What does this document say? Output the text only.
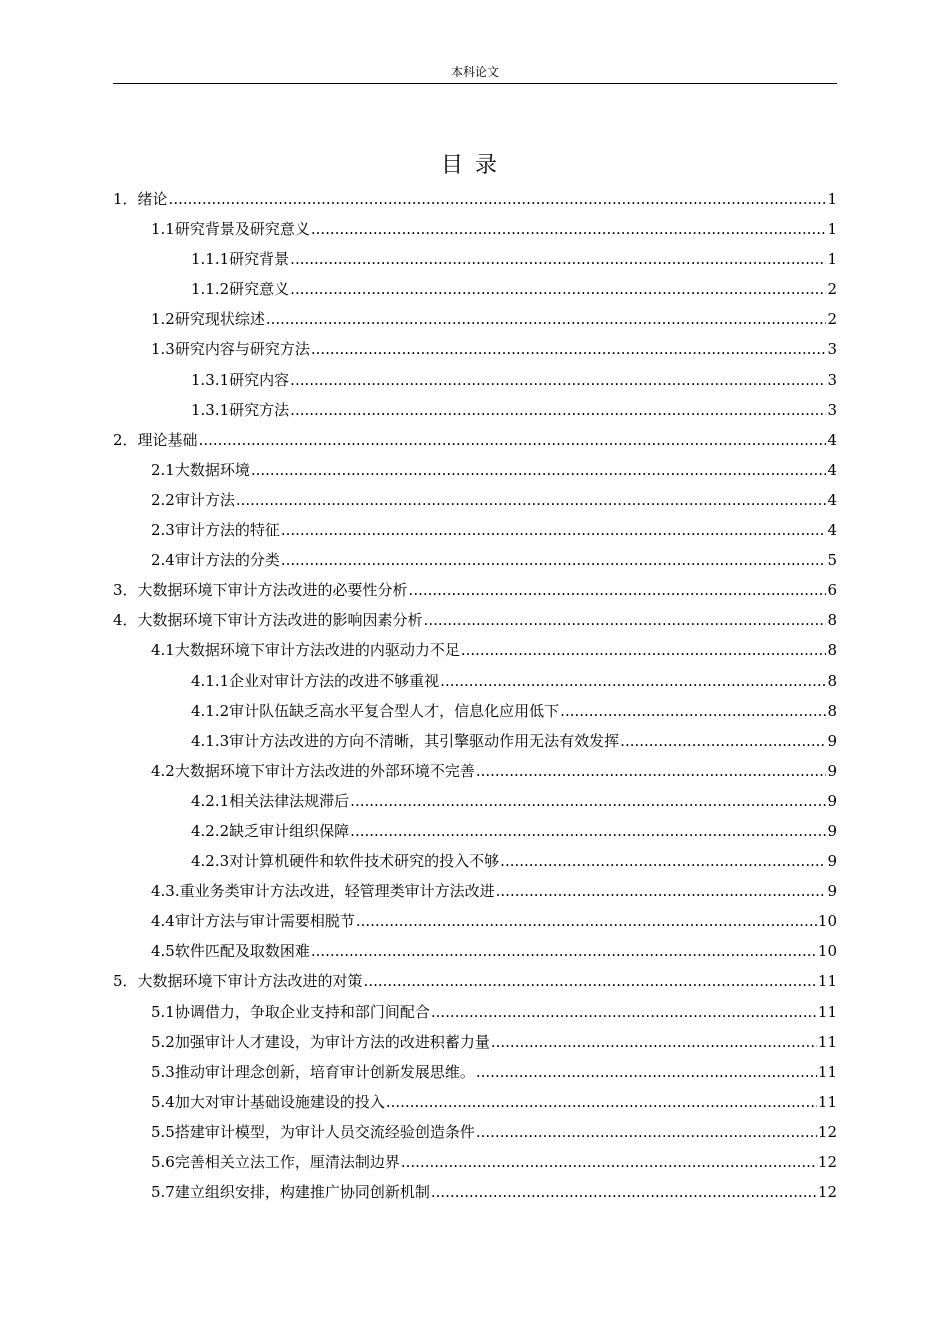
本科论文
目录
1．绪论 .....	1
1.1研究背景及研究意义 .....	1
1.1.1研究背景 .....	1
1.1.2研究意义 .....	2
1.2研究现状综述 .....	2
1.3研究内容与研究方法 .....	3
1.3.1研究内容 .....	3
1.3.1研究方法 .....	3
2．理论基础 .....	4
2.1大数据环境 .....	4
2.2审计方法 .....	4
2.3审计方法的特征 .....	4
2.4审计方法的分类 .....	5
3．大数据环境下审计方法改进的必要性分析 .....	6
4．大数据环境下审计方法改进的影响因素分析 .....	8
4.1大数据环境下审计方法改进的内驱动力不足 .....	8
4.1.1企业对审计方法的改进不够重视 .....	8
4.1.2审计队伍缺乏高水平复合型人才，信息化应用低下 .....	8
4.1.3审计方法改进的方向不清晰，其引擎驱动作用无法有效发挥 .....	9
4.2大数据环境下审计方法改进的外部环境不完善 .....	9
4.2.1相关法律法规滞后 .....	9
4.2.2缺乏审计组织保障 .....	9
4.2.3对计算机硬件和软件技术研究的投入不够 .....	9
4.3.重业务类审计方法改进，轻管理类审计方法改进 .....	9
4.4审计方法与审计需要相脱节 .....	10
4.5软件匹配及取数困难 .....	10
5．大数据环境下审计方法改进的对策 .....	11
5.1协调借力，争取企业支持和部门间配合 .....	11
5.2加强审计人才建设，为审计方法的改进积蓄力量 .....	11
5.3推动审计理念创新，培育审计创新发展思维。 .....	11
5.4加大对审计基础设施建设的投入 .....	11
5.5搭建审计模型，为审计人员交流经验创造条件 .....	12
5.6完善相关立法工作，厘清法制边界 .....	12
5.7建立组织安排，构建推广协同创新机制 .....	12
